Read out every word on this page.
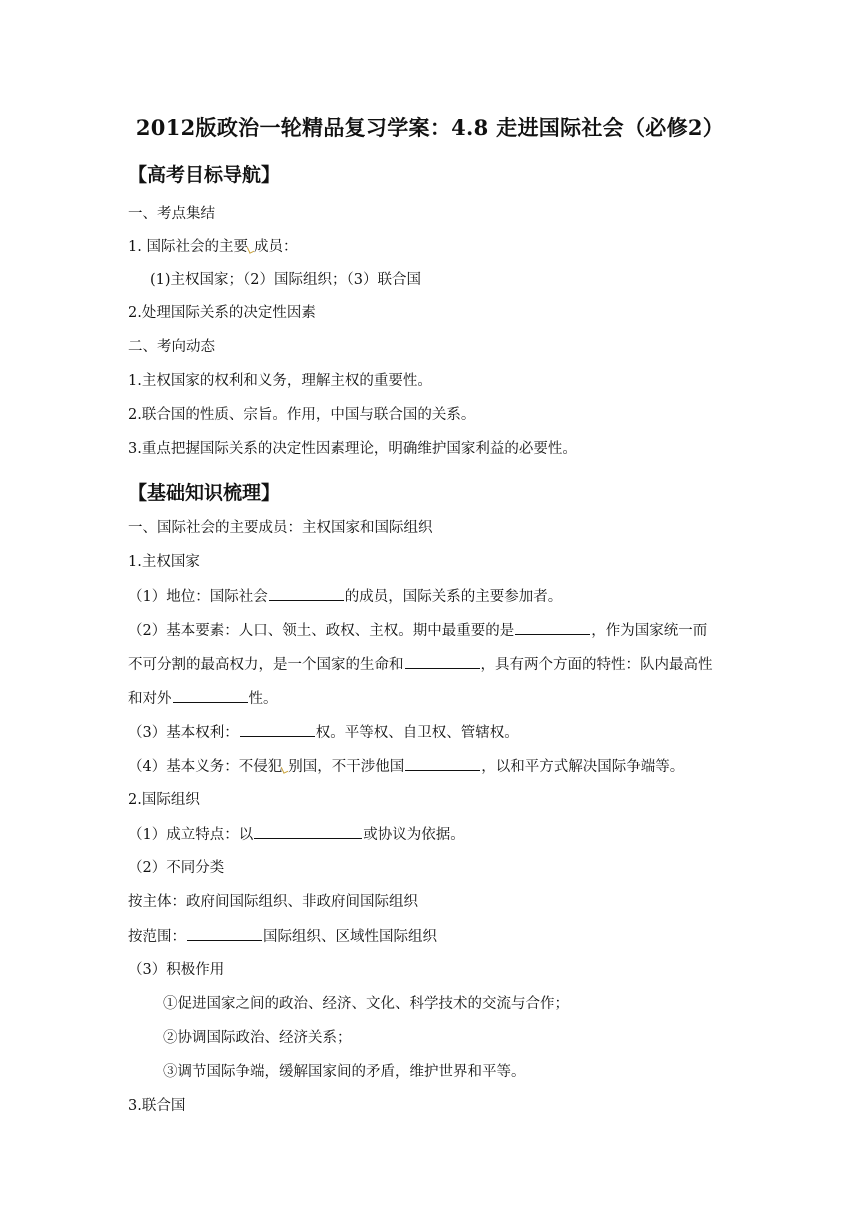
2012版政治一轮精品复习学案：4.8 走进国际社会（必修2）
【高考目标导航】
一、考点集结
1. 国际社会的主要 成员：
(1)主权国家；（2）国际组织；（3）联合国
2.处理国际关系的决定性因素
二、考向动态
1.主权国家的权利和义务，理解主权的重要性。
2.联合国的性质、宗旨。作用，中国与联合国的关系。
3.重点把握国际关系的决定性因素理论，明确维护国家利益的必要性。
【基础知识梳理】
一、国际社会的主要成员：主权国家和国际组织
1.主权国家
（1）地位：国际社会	的成员，国际关系的主要参加者。
（2）基本要素：人口、领土、政权、主权。期中最重要的是	，作为国家统一而
不可分割的最高权力，是一个国家的生命和	，具有两个方面的特性：队内最高性
和对外	性。
（3）基本权利：	权。平等权、自卫权、管辖权。
（4）基本义务：不侵犯 别国，不干涉他国	，以和平方式解决国际争端等。
2.国际组织
（1）成立特点：以	或协议为依据。
（2）不同分类
按主体：政府间国际组织、非政府间国际组织
按范围：	国际组织、区域性国际组织
（3）积极作用
①促进国家之间的政治、经济、文化、科学技术的交流与合作；
②协调国际政治、经济关系；
③调节国际争端，缓解国家间的矛盾，维护世界和平等。
3.联合国
